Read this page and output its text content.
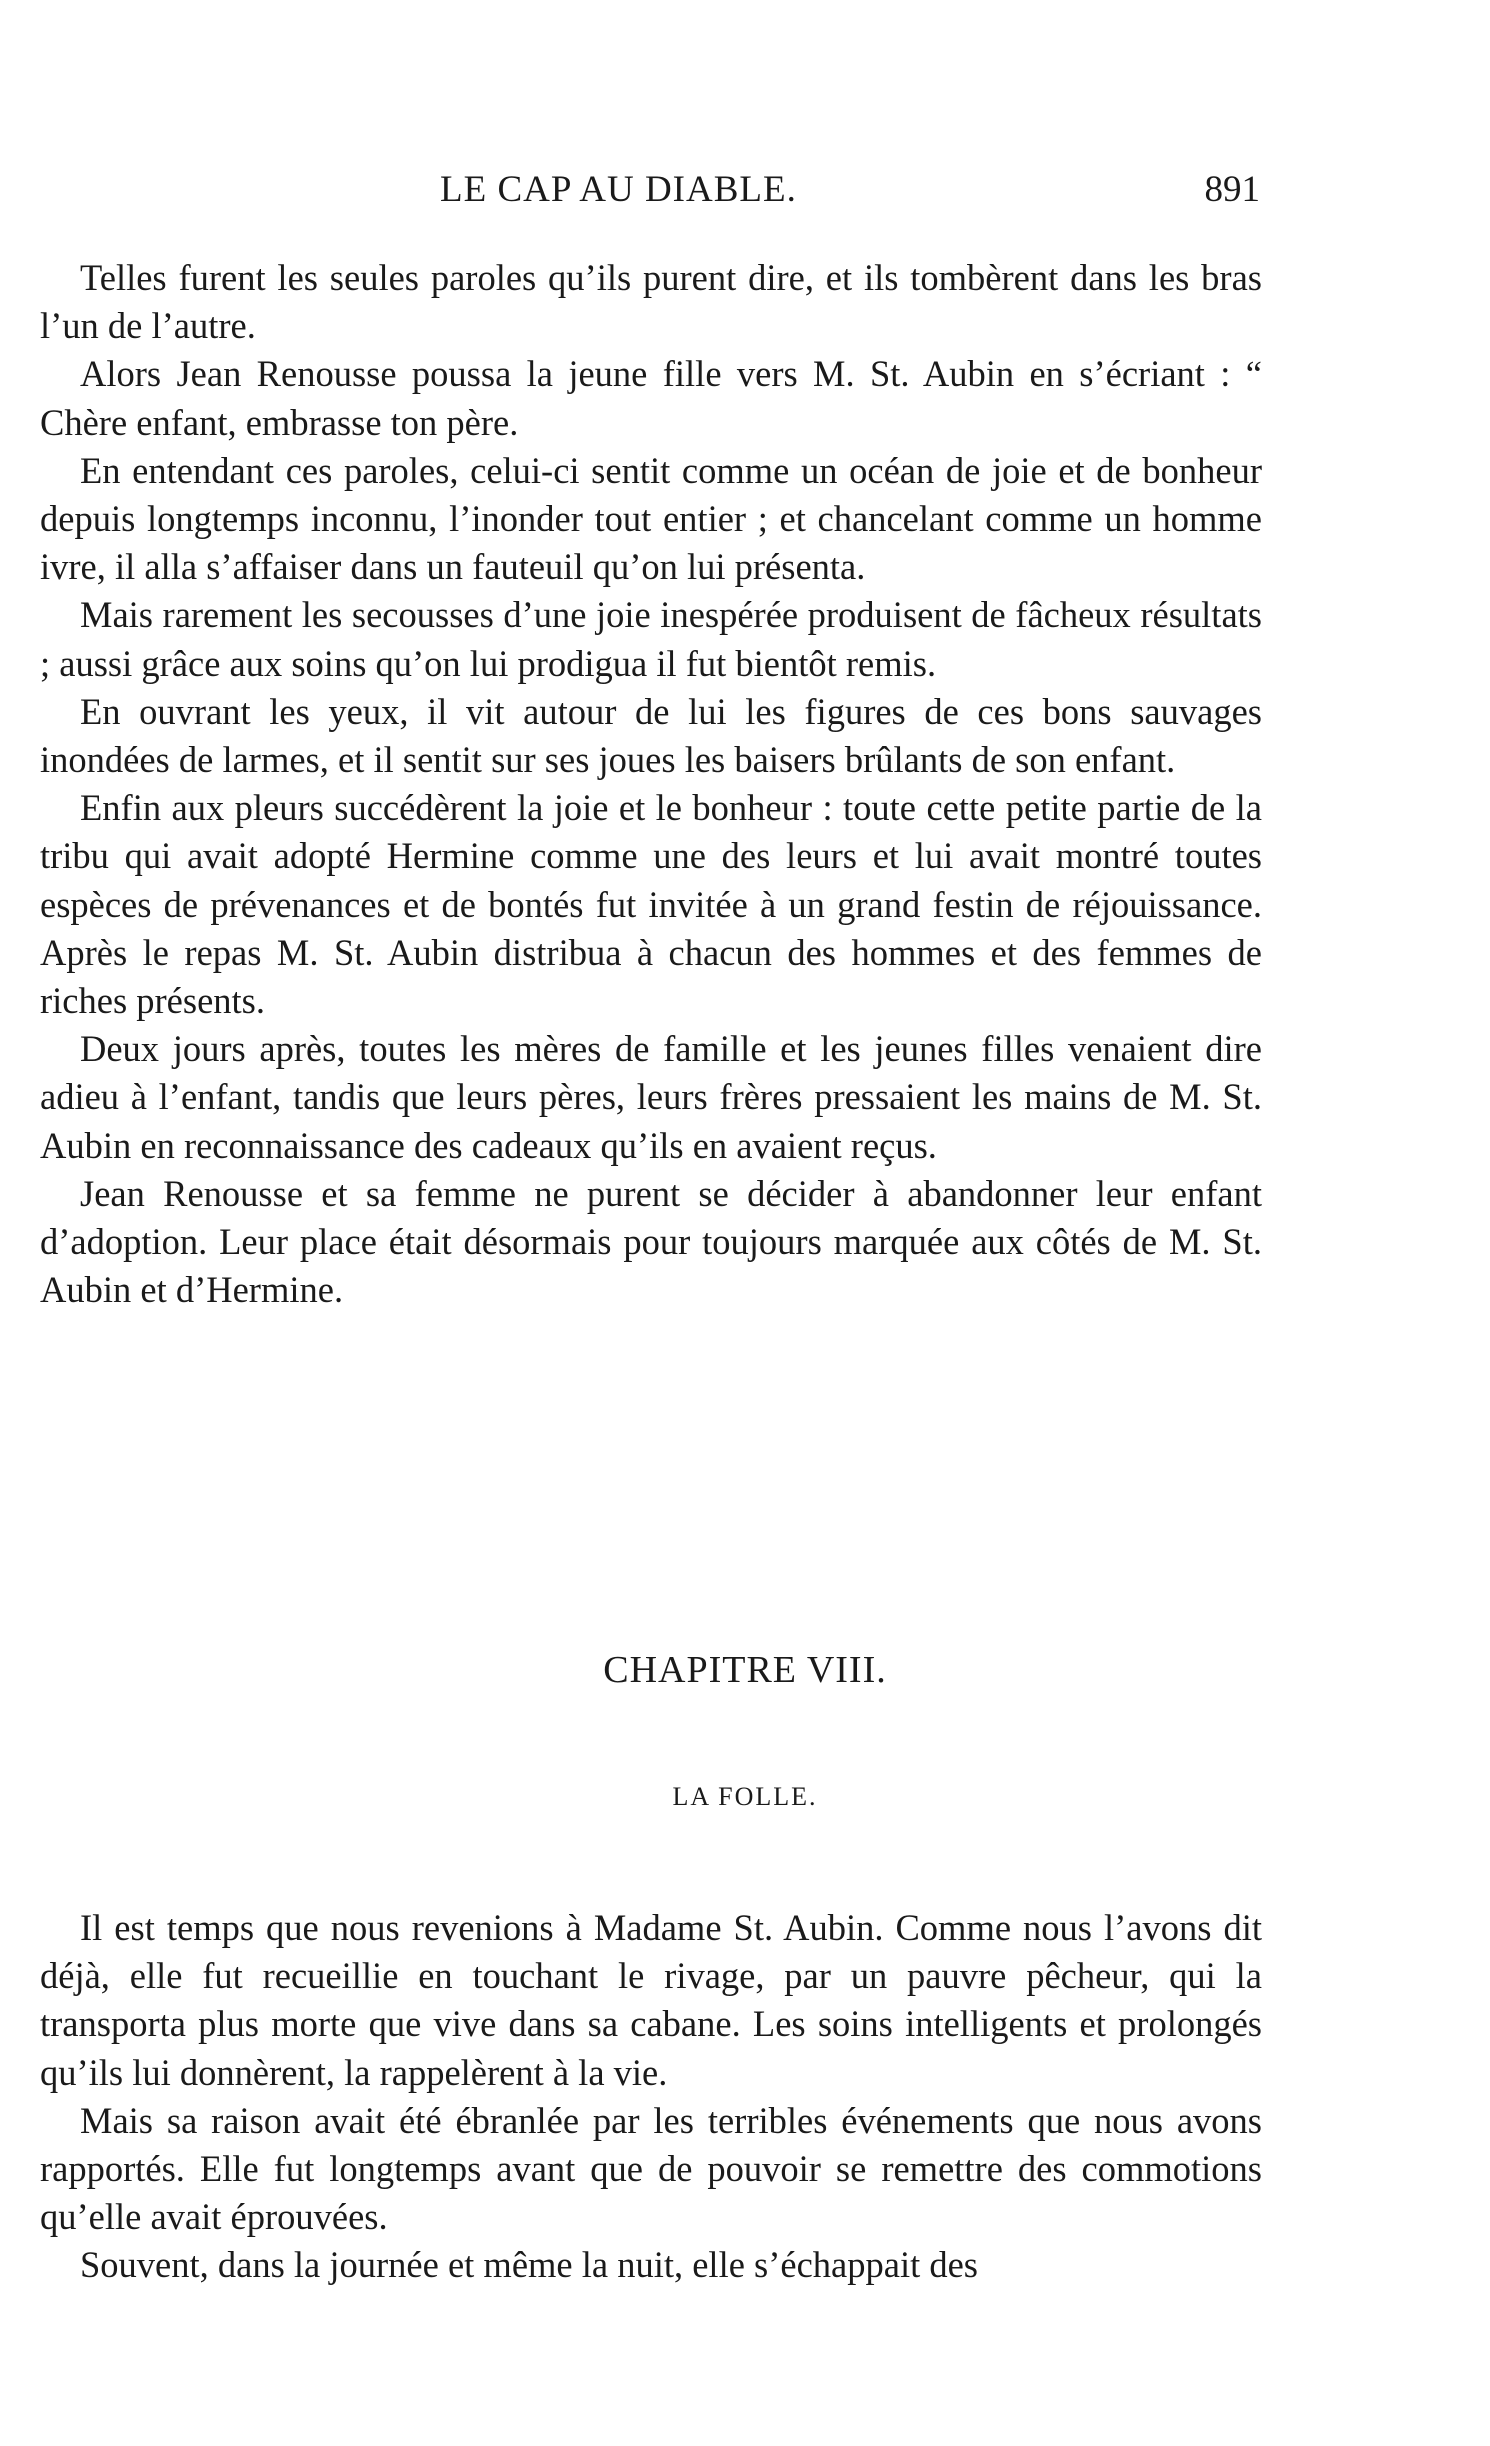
LE CAP AU DIABLE.	891

Telles furent les seules paroles qu’ils purent dire, et ils tombèrent dans les bras l’un de l’autre.

Alors Jean Renousse poussa la jeune fille vers M. St. Aubin en s’écriant : “ Chère enfant, embrasse ton père.

En entendant ces paroles, celui-ci sentit comme un océan de joie et de bonheur depuis longtemps inconnu, l’inonder tout entier ; et chancelant comme un homme ivre, il alla s’affaiser dans un fauteuil qu’on lui présenta.

Mais rarement les secousses d’une joie inespérée produisent de fâcheux résultats ; aussi grâce aux soins qu’on lui prodigua il fut bientôt remis.

En ouvrant les yeux, il vit autour de lui les figures de ces bons sauvages inondées de larmes, et il sentit sur ses joues les baisers brûlants de son enfant.

Enfin aux pleurs succédèrent la joie et le bonheur : toute cette petite partie de la tribu qui avait adopté Hermine comme une des leurs et lui avait montré toutes espèces de prévenances et de bontés fut invitée à un grand festin de réjouissance. Après le repas M. St. Aubin distribua à chacun des hommes et des femmes de riches présents.

Deux jours après, toutes les mères de famille et les jeunes filles venaient dire adieu à l’enfant, tandis que leurs pères, leurs frères pressaient les mains de M. St. Aubin en reconnaissance des cadeaux qu’ils en avaient reçus.

Jean Renousse et sa femme ne purent se décider à abandonner leur enfant d’adoption. Leur place était désormais pour toujours marquée aux côtés de M. St. Aubin et d’Hermine.

CHAPITRE VIII.
LA FOLLE.

Il est temps que nous revenions à Madame St. Aubin. Comme nous l’avons dit déjà, elle fut recueillie en touchant le rivage, par un pauvre pêcheur, qui la transporta plus morte que vive dans sa cabane. Les soins intelligents et prolongés qu’ils lui donnèrent, la rappelèrent à la vie.

Mais sa raison avait été ébranlée par les terribles événements que nous avons rapportés. Elle fut longtemps avant que de pouvoir se remettre des commotions qu’elle avait éprouvées.

Souvent, dans la journée et même la nuit, elle s’échappait des
